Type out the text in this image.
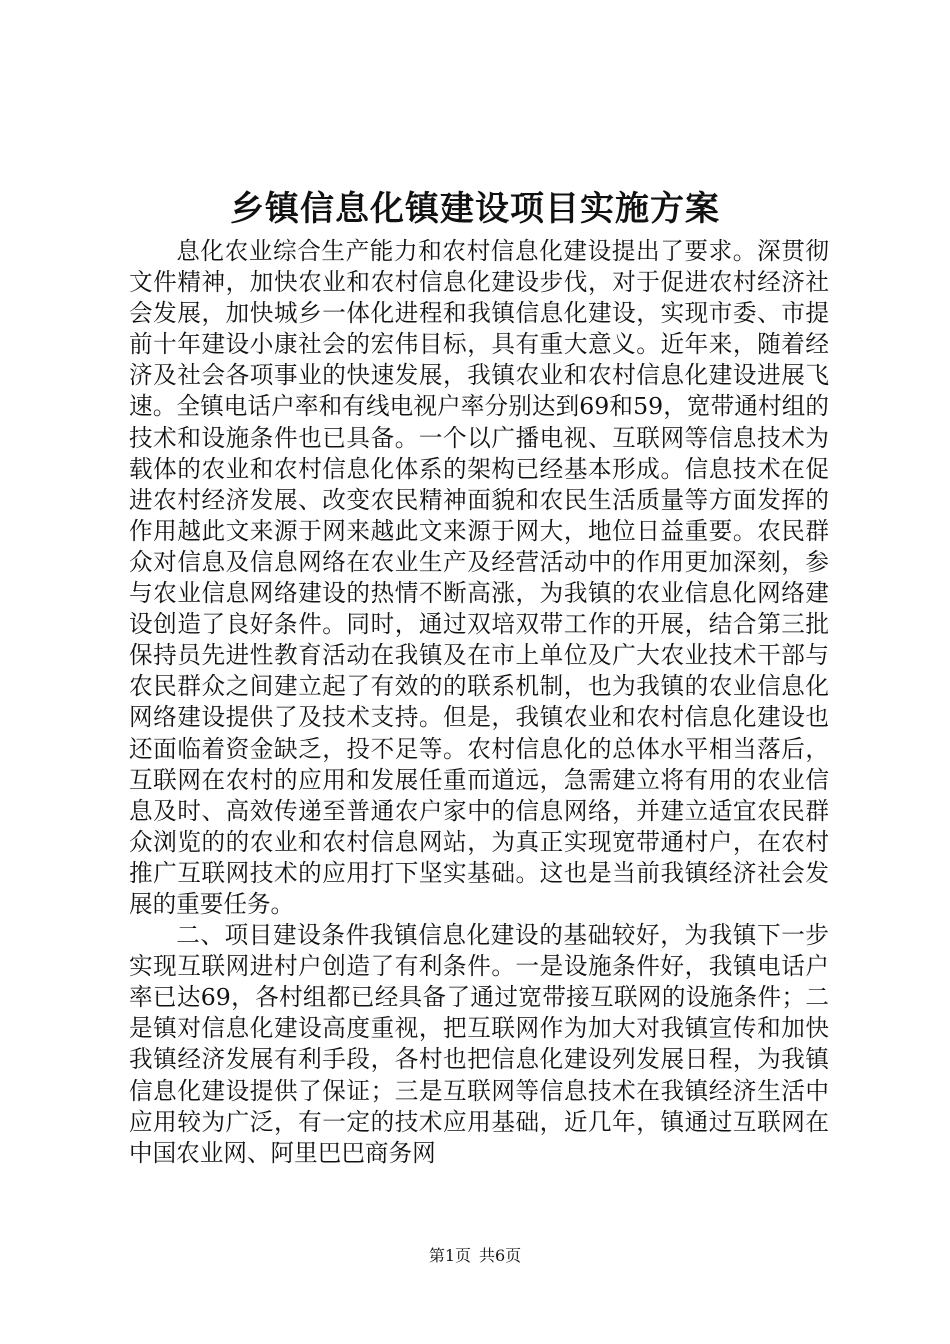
乡镇信息化镇建设项目实施方案

息化农业综合生产能力和农村信息化建设提出了要求。深贯彻文件精神，加快农业和农村信息化建设步伐，对于促进农村经济社会发展，加快城乡一体化进程和我镇信息化建设，实现市委、市提前十年建设小康社会的宏伟目标，具有重大意义。近年来，随着经济及社会各项事业的快速发展，我镇农业和农村信息化建设进展飞速。全镇电话户率和有线电视户率分别达到69和59，宽带通村组的技术和设施条件也已具备。一个以广播电视、互联网等信息技术为载体的农业和农村信息化体系的架构已经基本形成。信息技术在促进农村经济发展、改变农民精神面貌和农民生活质量等方面发挥的作用越此文来源于网来越此文来源于网大，地位日益重要。农民群众对信息及信息网络在农业生产及经营活动中的作用更加深刻，参与农业信息网络建设的热情不断高涨，为我镇的农业信息化网络建设创造了良好条件。同时，通过双培双带工作的开展，结合第三批保持员先进性教育活动在我镇及在市上单位及广大农业技术干部与农民群众之间建立起了有效的的联系机制，也为我镇的农业信息化网络建设提供了及技术支持。但是，我镇农业和农村信息化建设也还面临着资金缺乏，投不足等。农村信息化的总体水平相当落后，互联网在农村的应用和发展任重而道远，急需建立将有用的农业信息及时、高效传递至普通农户家中的信息网络，并建立适宜农民群众浏览的的农业和农村信息网站，为真正实现宽带通村户，在农村推广互联网技术的应用打下坚实基础。这也是当前我镇经济社会发展的重要任务。

二、项目建设条件我镇信息化建设的基础较好，为我镇下一步实现互联网进村户创造了有利条件。一是设施条件好，我镇电话户率已达69，各村组都已经具备了通过宽带接互联网的设施条件；二是镇对信息化建设高度重视，把互联网作为加大对我镇宣传和加快我镇经济发展有利手段，各村也把信息化建设列发展日程，为我镇信息化建设提供了保证；三是互联网等信息技术在我镇经济生活中应用较为广泛，有一定的技术应用基础，近几年，镇通过互联网在中国农业网、阿里巴巴商务网

第1页 共6页
